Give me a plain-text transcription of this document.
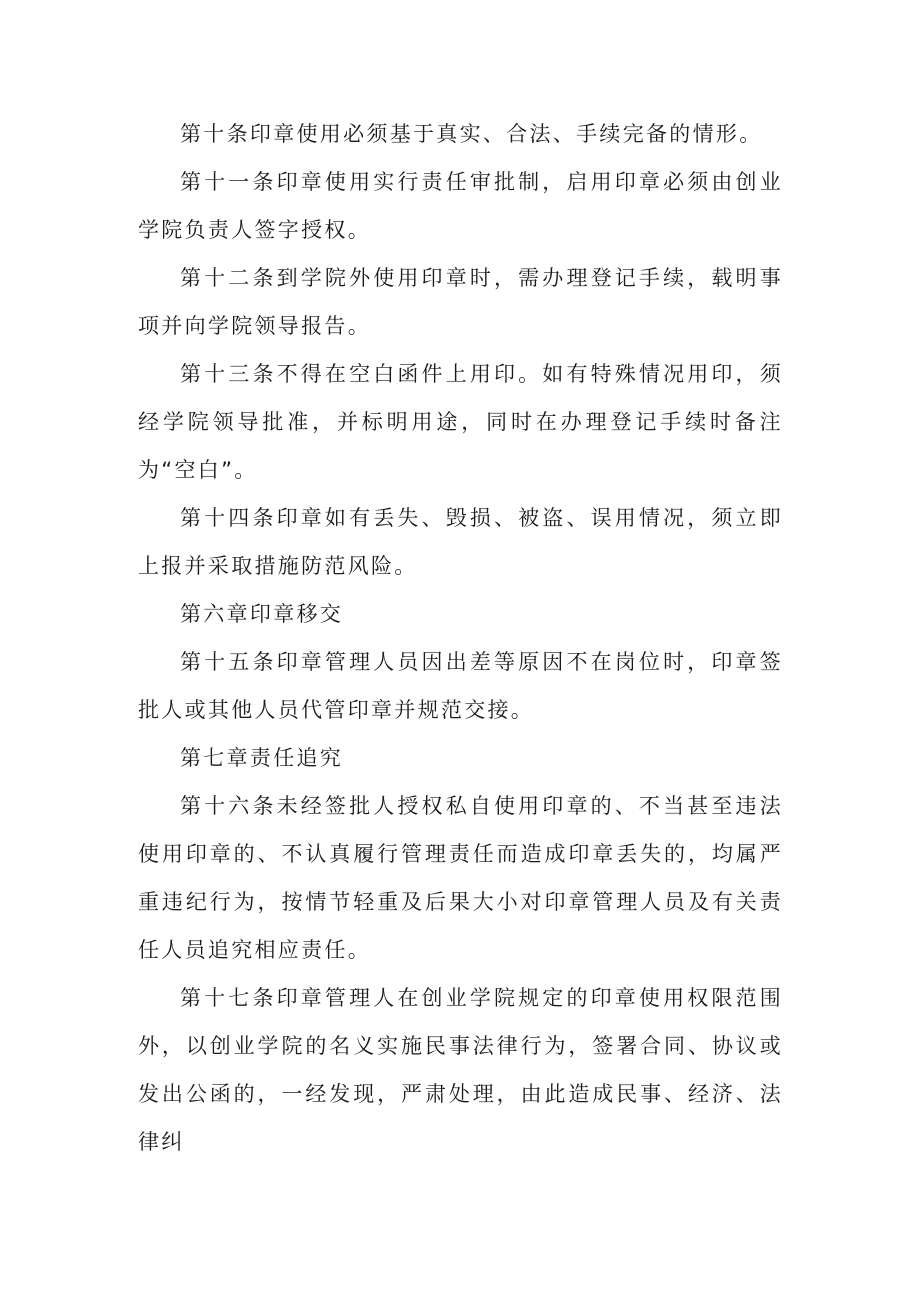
第十条印章使用必须基于真实、合法、手续完备的情形。

第十一条印章使用实行责任审批制，启用印章必须由创业学院负责人签字授权。

第十二条到学院外使用印章时，需办理登记手续，载明事项并向学院领导报告。

第十三条不得在空白函件上用印。如有特殊情况用印，须经学院领导批准，并标明用途，同时在办理登记手续时备注为“空白”。

第十四条印章如有丢失、毁损、被盗、误用情况，须立即上报并采取措施防范风险。

第六章印章移交

第十五条印章管理人员因出差等原因不在岗位时，印章签批人或其他人员代管印章并规范交接。

第七章责任追究

第十六条未经签批人授权私自使用印章的、不当甚至违法使用印章的、不认真履行管理责任而造成印章丢失的，均属严重违纪行为，按情节轻重及后果大小对印章管理人员及有关责任人员追究相应责任。

第十七条印章管理人在创业学院规定的印章使用权限范围外，以创业学院的名义实施民事法律行为，签署合同、协议或发出公函的，一经发现，严肃处理，由此造成民事、经济、法律纠
